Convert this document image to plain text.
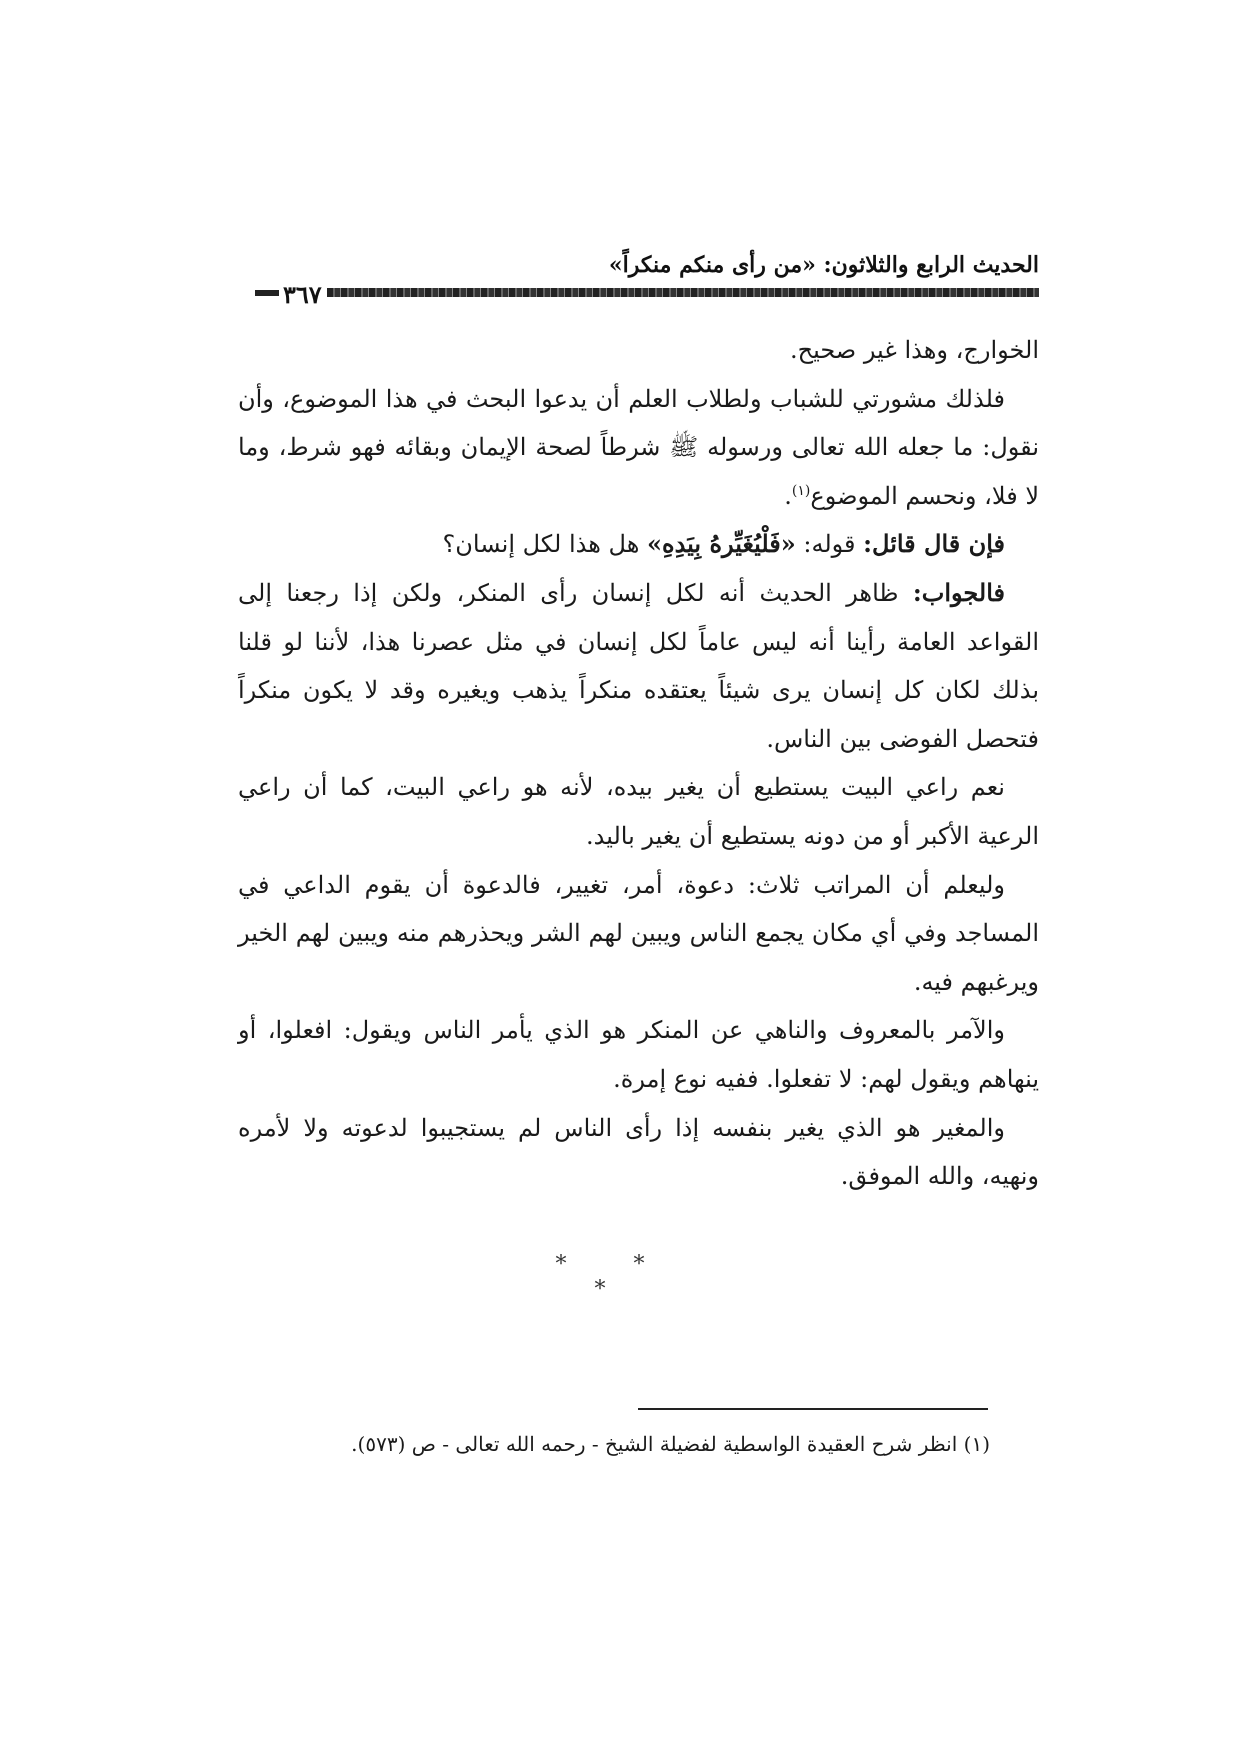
الحديث الرابع والثلاثون: «من رأى منكم منكراً»
٣٦٧

الخوارج، وهذا غير صحيح.

فلذلك مشورتي للشباب ولطلاب العلم أن يدعوا البحث في هذا الموضوع، وأن نقول: ما جعله الله تعالى ورسوله ﷺ شرطاً لصحة الإيمان وبقائه فهو شرط، وما لا فلا، ونحسم الموضوع$^{(١)}$.

فإن قال قائل: قوله: «فَلْيُغَيِّرهُ بِيَدِهِ» هل هذا لكل إنسان؟

فالجواب: ظاهر الحديث أنه لكل إنسان رأى المنكر، ولكن إذا رجعنا إلى القواعد العامة رأينا أنه ليس عاماً لكل إنسان في مثل عصرنا هذا، لأننا لو قلنا بذلك لكان كل إنسان يرى شيئاً يعتقده منكراً يذهب ويغيره وقد لا يكون منكراً فتحصل الفوضى بين الناس.

نعم راعي البيت يستطيع أن يغير بيده، لأنه هو راعي البيت، كما أن راعي الرعية الأكبر أو من دونه يستطيع أن يغير باليد.

وليعلم أن المراتب ثلاث: دعوة، أمر، تغيير، فالدعوة أن يقوم الداعي في المساجد وفي أي مكان يجمع الناس ويبين لهم الشر ويحذرهم منه ويبين لهم الخير ويرغبهم فيه.

والآمر بالمعروف والناهي عن المنكر هو الذي يأمر الناس ويقول: افعلوا، أو ينهاهم ويقول لهم: لا تفعلوا. ففيه نوع إمرة.

والمغير هو الذي يغير بنفسه إذا رأى الناس لم يستجيبوا لدعوته ولا لأمره ونهيه، والله الموفق.

* * *
(١) انظر شرح العقيدة الواسطية لفضيلة الشيخ - رحمه الله تعالى - ص (٥٧٣).
